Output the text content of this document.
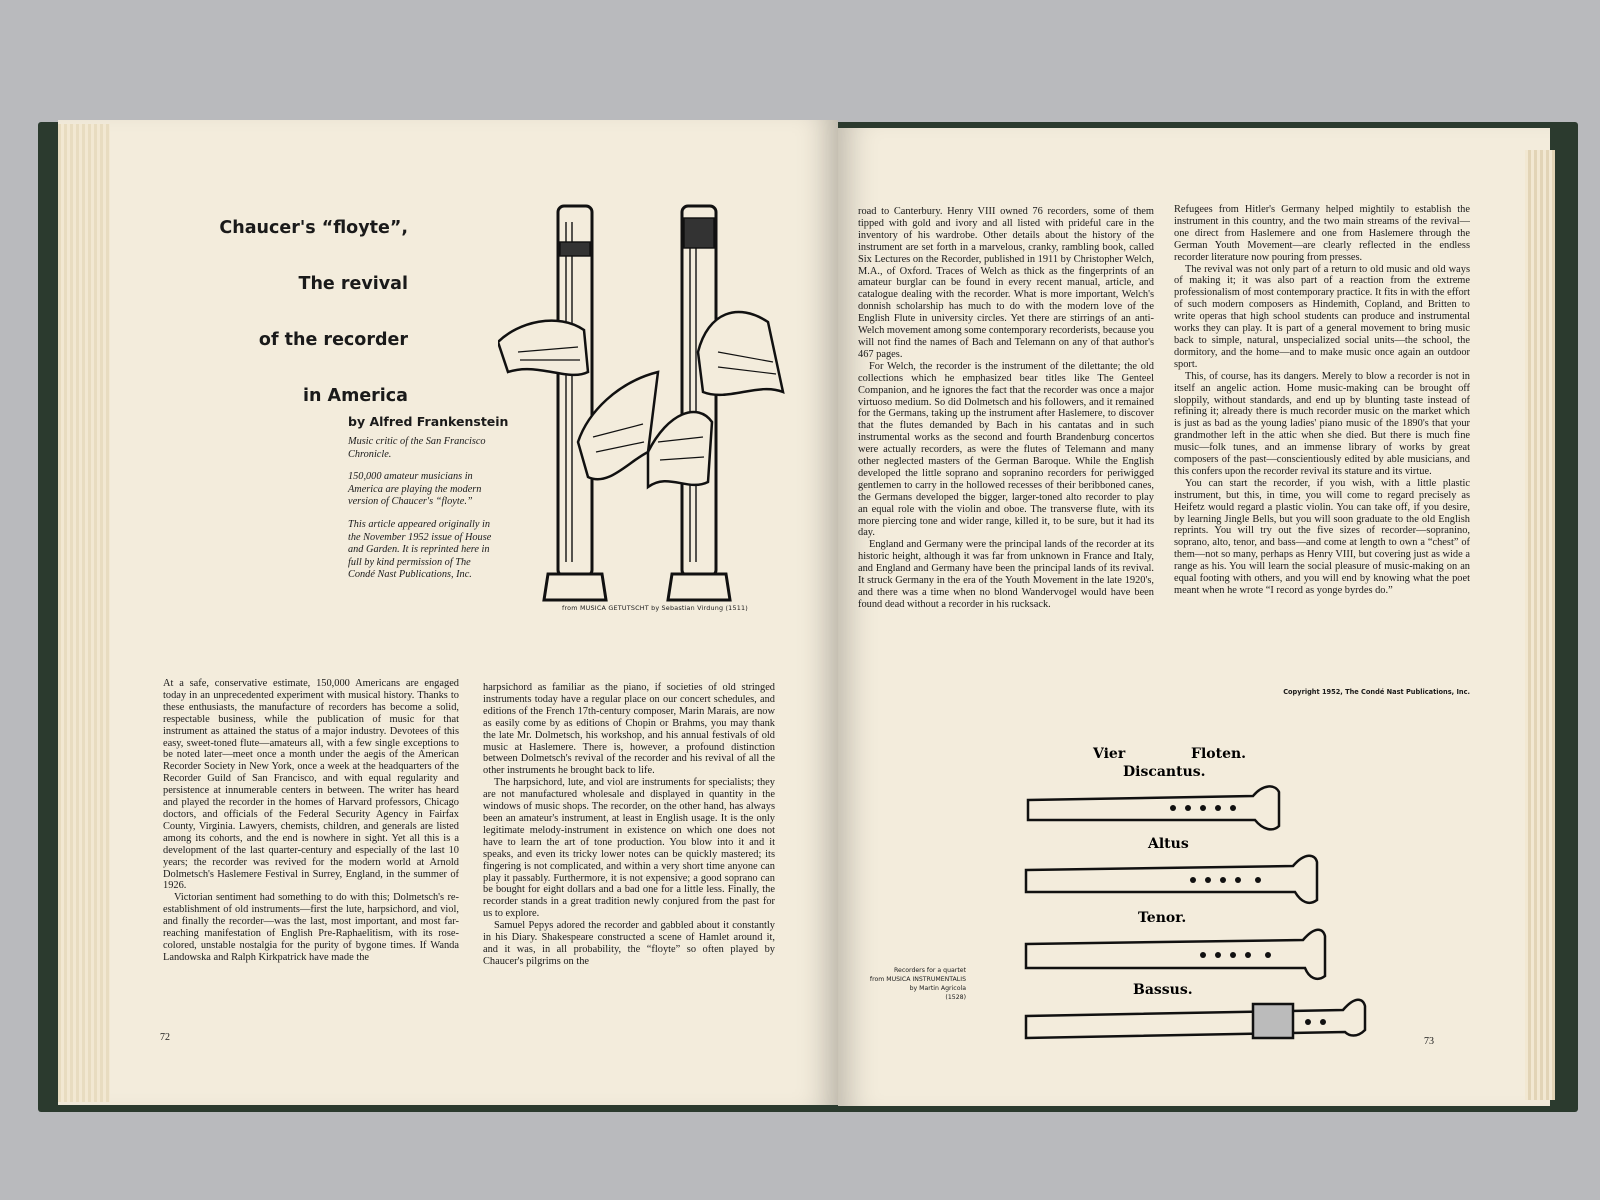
Chaucer's “floyte”,
The revival
of the recorder
in America
by Alfred Frankenstein

Music critic of the San Francisco Chronicle.

150,000 amateur musicians in America are playing the modern version of Chaucer's “floyte.”

This article appeared originally in the November 1952 issue of House and Garden. It is reprinted here in full by kind permission of The Condé Nast Publications, Inc.

from MUSICA GETUTSCHT by Sebastian Virdung (1511)

At a safe, conservative estimate, 150,000 Americans are engaged today in an unprecedented experiment with musical history. Thanks to these enthusiasts, the manufacture of recorders has become a solid, respectable business, while the publication of music for that instrument as attained the status of a major industry. Devotees of this easy, sweet-toned flute—amateurs all, with a few single exceptions to be noted later—meet once a month under the aegis of the American Recorder Society in New York, once a week at the headquarters of the Recorder Guild of San Francisco, and with equal regularity and persistence at innumerable centers in between. The writer has heard and played the recorder in the homes of Harvard professors, Chicago doctors, and officials of the Federal Security Agency in Fairfax County, Virginia. Lawyers, chemists, children, and generals are listed among its cohorts, and the end is nowhere in sight. Yet all this is a development of the last quarter-century and especially of the last 10 years; the recorder was revived for the modern world at Arnold Dolmetsch's Haslemere Festival in Surrey, England, in the summer of 1926.

Victorian sentiment had something to do with this; Dolmetsch's re-establishment of old instruments—first the lute, harpsichord, and viol, and finally the recorder—was the last, most important, and most far-reaching manifestation of English Pre-Raphaelitism, with its rose-colored, unstable nostalgia for the purity of bygone times. If Wanda Landowska and Ralph Kirkpatrick have made the

harpsichord as familiar as the piano, if societies of old stringed instruments today have a regular place on our concert schedules, and editions of the French 17th-century composer, Marin Marais, are now as easily come by as editions of Chopin or Brahms, you may thank the late Mr. Dolmetsch, his workshop, and his annual festivals of old music at Haslemere. There is, however, a profound distinction between Dolmetsch's revival of the recorder and his revival of all the other instruments he brought back to life.

The harpsichord, lute, and viol are instruments for specialists; they are not manufactured wholesale and displayed in quantity in the windows of music shops. The recorder, on the other hand, has always been an amateur's instrument, at least in English usage. It is the only legitimate melody-instrument in existence on which one does not have to learn the art of tone production. You blow into it and it speaks, and even its tricky lower notes can be quickly mastered; its fingering is not complicated, and within a very short time anyone can play it passably. Furthermore, it is not expensive; a good soprano can be bought for eight dollars and a bad one for a little less. Finally, the recorder stands in a great tradition newly conjured from the past for us to explore.

Samuel Pepys adored the recorder and gabbled about it constantly in his Diary. Shakespeare constructed a scene of Hamlet around it, and it was, in all probability, the “floyte” so often played by Chaucer's pilgrims on the

72

road to Canterbury. Henry VIII owned 76 recorders, some of them tipped with gold and ivory and all listed with prideful care in the inventory of his wardrobe. Other details about the history of the instrument are set forth in a marvelous, cranky, rambling book, called Six Lectures on the Recorder, published in 1911 by Christopher Welch, M.A., of Oxford. Traces of Welch as thick as the fingerprints of an amateur burglar can be found in every recent manual, article, and catalogue dealing with the recorder. What is more important, Welch's donnish scholarship has much to do with the modern love of the English Flute in university circles. Yet there are stirrings of an anti-Welch movement among some contemporary recorderists, because you will not find the names of Bach and Telemann on any of that author's 467 pages.

For Welch, the recorder is the instrument of the dilettante; the old collections which he emphasized bear titles like The Genteel Companion, and he ignores the fact that the recorder was once a major virtuoso medium. So did Dolmetsch and his followers, and it remained for the Germans, taking up the instrument after Haslemere, to discover that the flutes demanded by Bach in his cantatas and in such instrumental works as the second and fourth Brandenburg concertos were actually recorders, as were the flutes of Telemann and many other neglected masters of the German Baroque. While the English developed the little soprano and sopranino recorders for periwigged gentlemen to carry in the hollowed recesses of their beribboned canes, the Germans developed the bigger, larger-toned alto recorder to play an equal role with the violin and oboe. The transverse flute, with its more piercing tone and wider range, killed it, to be sure, but it had its day.

England and Germany were the principal lands of the recorder at its historic height, although it was far from unknown in France and Italy, and England and Germany have been the principal lands of its revival. It struck Germany in the era of the Youth Movement in the late 1920's, and there was a time when no blond Wandervogel would have been found dead without a recorder in his rucksack.

Refugees from Hitler's Germany helped mightily to establish the instrument in this country, and the two main streams of the revival—one direct from Haslemere and one from Haslemere through the German Youth Movement—are clearly reflected in the endless recorder literature now pouring from presses.

The revival was not only part of a return to old music and old ways of making it; it was also part of a reaction from the extreme professionalism of most contemporary practice. It fits in with the effort of such modern composers as Hindemith, Copland, and Britten to write operas that high school students can produce and instrumental works they can play. It is part of a general movement to bring music back to simple, natural, unspecialized social units—the school, the dormitory, and the home—and to make music once again an outdoor sport.

This, of course, has its dangers. Merely to blow a recorder is not in itself an angelic action. Home music-making can be brought off sloppily, without standards, and end up by blunting taste instead of refining it; already there is much recorder music on the market which is just as bad as the young ladies' piano music of the 1890's that your grandmother left in the attic when she died. But there is much fine music—folk tunes, and an immense library of works by great composers of the past—conscientiously edited by able musicians, and this confers upon the recorder revival its stature and its virtue.

You can start the recorder, if you wish, with a little plastic instrument, but this, in time, you will come to regard precisely as Heifetz would regard a plastic violin. You can take off, if you desire, by learning Jingle Bells, but you will soon graduate to the old English reprints. You will try out the five sizes of recorder—sopranino, soprano, alto, tenor, and bass—and come at length to own a “chest” of them—not so many, perhaps as Henry VIII, but covering just as wide a range as his. You will learn the social pleasure of music-making on an equal footing with others, and you will end by knowing what the poet meant when he wrote “I record as yonge byrdes do.”

Copyright 1952, The Condé Nast Publications, Inc.
Vier	Floten.
Discantus.
Altus
Tenor.
Bassus.
Recorders for a quartet
from MUSICA INSTRUMENTALIS
by Martin Agricola
(1528)
73
